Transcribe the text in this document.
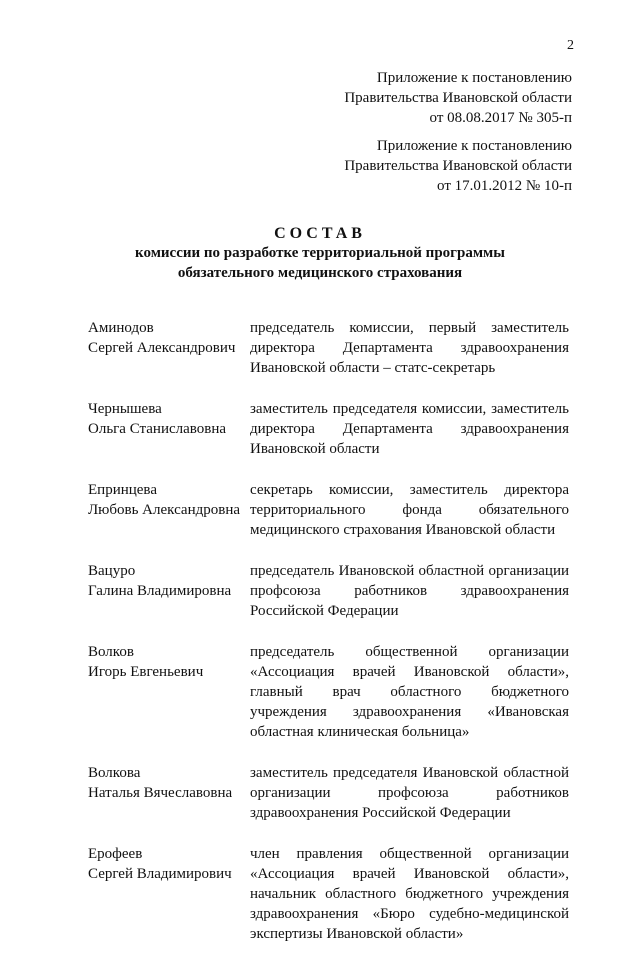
2
Приложение к постановлению
Правительства Ивановской области
от 08.08.2017 № 305-п
Приложение к постановлению
Правительства Ивановской области
от 17.01.2012 № 10-п
СОСТАВ
комиссии по разработке территориальной программы
обязательного медицинского страхования
Аминодов
Сергей Александрович
председатель комиссии, первый заместитель директора Департамента здравоохранения Ивановской области – статс-секретарь
Чернышева
Ольга Станиславовна
заместитель председателя комиссии, заместитель директора Департамента здравоохранения Ивановской области
Епринцева
Любовь Александровна
секретарь комиссии, заместитель директора территориального фонда обязательного медицинского страхования Ивановской области
Вацуро
Галина Владимировна
председатель Ивановской областной организации профсоюза работников здравоохранения Российской Федерации
Волков
Игорь Евгеньевич
председатель общественной организации «Ассоциация врачей Ивановской области», главный врач областного бюджетного учреждения здравоохранения «Ивановская областная клиническая больница»
Волкова
Наталья Вячеславовна
заместитель председателя Ивановской областной организации профсоюза работников здравоохранения Российской Федерации
Ерофеев
Сергей Владимирович
член правления общественной организации «Ассоциация врачей Ивановской области», начальник областного бюджетного учреждения здравоохранения «Бюро судебно-медицинской экспертизы Ивановской области»
